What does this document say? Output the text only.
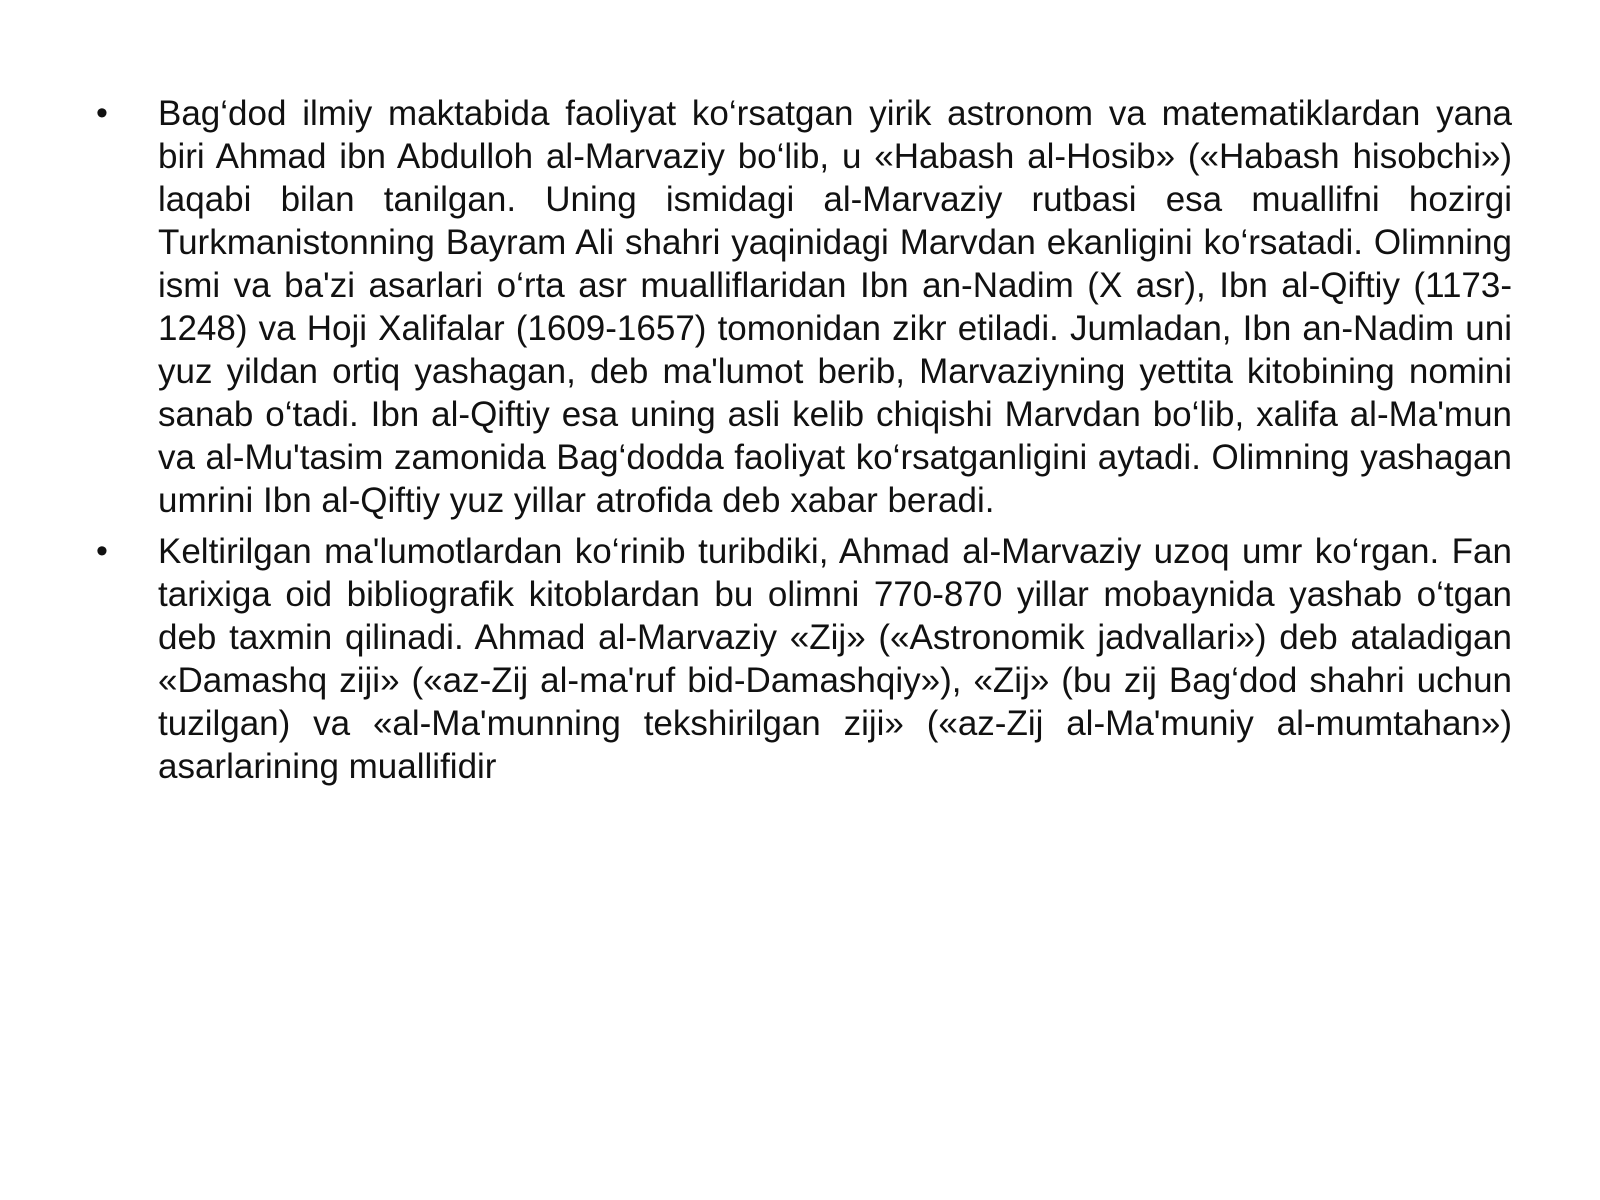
• Bag‘dod ilmiy maktabida faoliyat ko‘rsatgan yirik astronom va matematiklardan yana biri Ahmad ibn Abdulloh al-Marvaziy bo‘lib, u «Habash al-Hosib» («Habash hisobchi») laqabi bilan tanilgan. Uning ismidagi al-Marvaziy rutbasi esa muallifni hozirgi Turkmanistonning Bayram Ali shahri yaqinidagi Marvdan ekanligini ko‘rsatadi. Olimning ismi va ba'zi asarlari o‘rta asr mualliflaridan Ibn an-Nadim (X asr), Ibn al-Qiftiy (1173-1248) va Hoji Xalifalar (1609-1657) tomonidan zikr etiladi. Jumladan, Ibn an-Nadim uni yuz yildan ortiq yashagan, deb ma'lumot berib, Marvaziyning yettita kitobining nomini sanab o‘tadi. Ibn al-Qiftiy esa uning asli kelib chiqishi Marvdan bo‘lib, xalifa al-Ma'mun va al-Mu'tasim zamonida Bag‘dodda faoliyat ko‘rsatganligini aytadi. Olimning yashagan umrini Ibn al-Qiftiy yuz yillar atrofida deb xabar beradi.
• Keltirilgan ma'lumotlardan ko‘rinib turibdiki, Ahmad al-Marvaziy uzoq umr ko‘rgan. Fan tarixiga oid bibliografik kitoblardan bu olimni 770-870 yillar mobaynida yashab o‘tgan deb taxmin qilinadi. Ahmad al-Marvaziy «Zij» («Astronomik jadvallari») deb ataladigan «Damashq ziji» («az-Zij al-ma'ruf bid-Damashqiy»), «Zij» (bu zij Bag‘dod shahri uchun tuzilgan) va «al-Ma'munning tekshirilgan ziji» («az-Zij al-Ma'muniy al-mumtahan») asarlarining muallifidir
